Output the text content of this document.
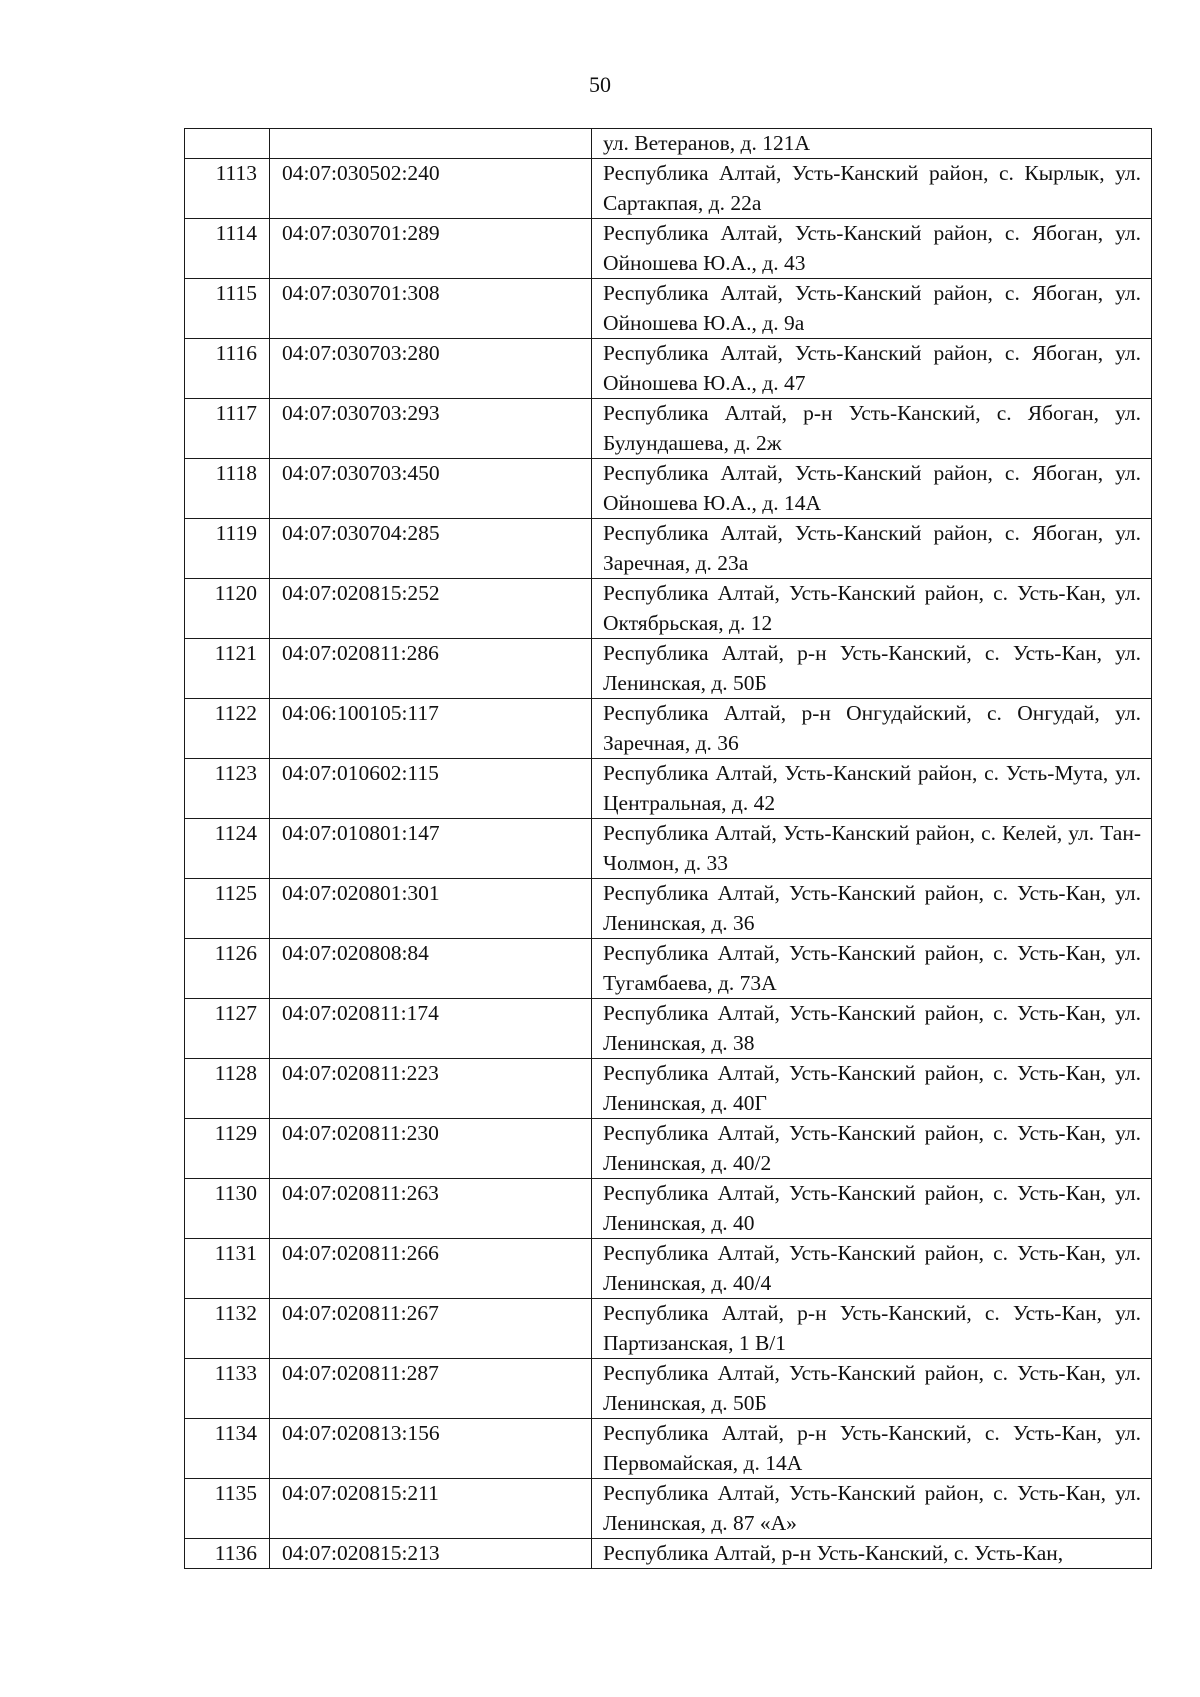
50
		ул. Ветеранов, д. 121А
1113	04:07:030502:240	Республика Алтай, Усть-Канский район, с. Кырлык, ул. Сартакпая, д. 22а
1114	04:07:030701:289	Республика Алтай, Усть-Канский район, с. Ябоган, ул. Ойношева Ю.А., д. 43
1115	04:07:030701:308	Республика Алтай, Усть-Канский район, с. Ябоган, ул. Ойношева Ю.А., д. 9а
1116	04:07:030703:280	Республика Алтай, Усть-Канский район, с. Ябоган, ул. Ойношева Ю.А., д. 47
1117	04:07:030703:293	Республика Алтай, р-н Усть-Канский, с. Ябоган, ул. Булундашева, д. 2ж
1118	04:07:030703:450	Республика Алтай, Усть-Канский район, с. Ябоган, ул. Ойношева Ю.А., д. 14А
1119	04:07:030704:285	Республика Алтай, Усть-Канский район, с. Ябоган, ул. Заречная, д. 23а
1120	04:07:020815:252	Республика Алтай, Усть-Канский район, с. Усть-Кан, ул. Октябрьская, д. 12
1121	04:07:020811:286	Республика Алтай, р-н Усть-Канский, с. Усть-Кан, ул. Ленинская, д. 50Б
1122	04:06:100105:117	Республика Алтай, р-н Онгудайский, с. Онгудай, ул. Заречная, д. 36
1123	04:07:010602:115	Республика Алтай, Усть-Канский район, с. Усть-Мута, ул. Центральная, д. 42
1124	04:07:010801:147	Республика Алтай, Усть-Канский район, с. Келей, ул. Тан-Чолмон, д. 33
1125	04:07:020801:301	Республика Алтай, Усть-Канский район, с. Усть-Кан, ул. Ленинская, д. 36
1126	04:07:020808:84	Республика Алтай, Усть-Канский район, с. Усть-Кан, ул. Тугамбаева, д. 73А
1127	04:07:020811:174	Республика Алтай, Усть-Канский район, с. Усть-Кан, ул. Ленинская, д. 38
1128	04:07:020811:223	Республика Алтай, Усть-Канский район, с. Усть-Кан, ул. Ленинская, д. 40Г
1129	04:07:020811:230	Республика Алтай, Усть-Канский район, с. Усть-Кан, ул. Ленинская, д. 40/2
1130	04:07:020811:263	Республика Алтай, Усть-Канский район, с. Усть-Кан, ул. Ленинская, д. 40
1131	04:07:020811:266	Республика Алтай, Усть-Канский район, с. Усть-Кан, ул. Ленинская, д. 40/4
1132	04:07:020811:267	Республика Алтай, р-н Усть-Канский, с. Усть-Кан, ул. Партизанская, 1 В/1
1133	04:07:020811:287	Республика Алтай, Усть-Канский район, с. Усть-Кан, ул. Ленинская, д. 50Б
1134	04:07:020813:156	Республика Алтай, р-н Усть-Канский, с. Усть-Кан, ул. Первомайская, д. 14А
1135	04:07:020815:211	Республика Алтай, Усть-Канский район, с. Усть-Кан, ул. Ленинская, д. 87 «А»
1136	04:07:020815:213	Республика Алтай, р-н Усть-Канский, с. Усть-Кан,
